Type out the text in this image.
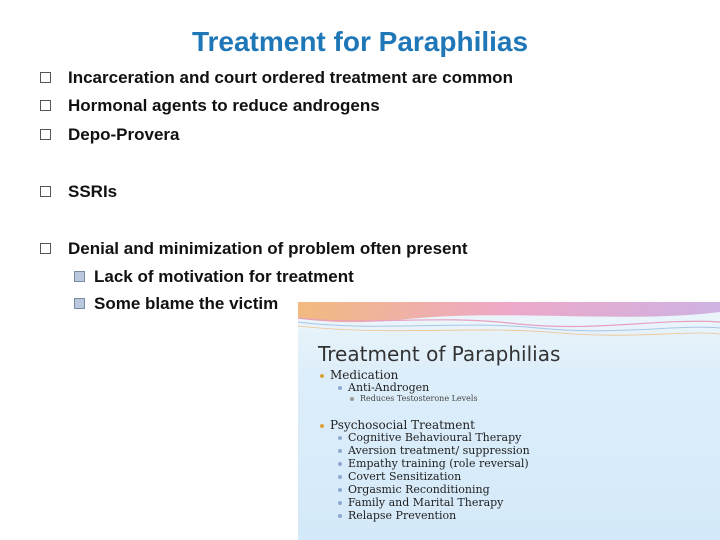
Treatment for Paraphilias
Incarceration and court ordered treatment are common
Hormonal agents to reduce androgens
Depo-Provera
SSRIs
Denial and minimization of problem often present
Lack of motivation for treatment
Some blame the victim
Treatment of Paraphilias
Medication
Anti-Androgen
Reduces Testosterone Levels
Psychosocial Treatment
Cognitive Behavioural Therapy
Aversion treatment/ suppression
Empathy training (role reversal)
Covert Sensitization
Orgasmic Reconditioning
Family and Marital Therapy
Relapse Prevention
